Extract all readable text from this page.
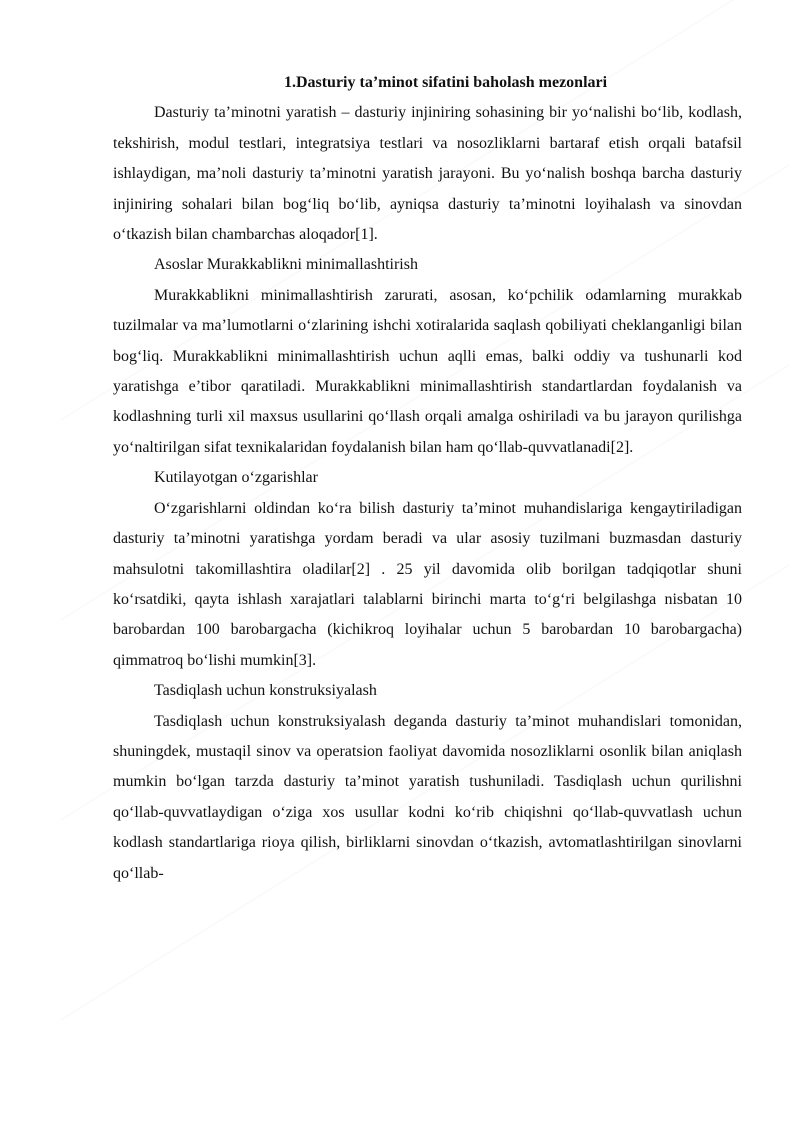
1.Dasturiy ta’minot sifatini baholash mezonlari

Dasturiy ta’minotni yaratish – dasturiy injiniring sohasining bir yo‘nalishi bo‘lib, kodlash, tekshirish, modul testlari, integratsiya testlari va nosozliklarni bartaraf etish orqali batafsil ishlaydigan, ma’noli dasturiy ta’minotni yaratish jarayoni. Bu yo‘nalish boshqa barcha dasturiy injiniring sohalari bilan bog‘liq bo‘lib, ayniqsa dasturiy ta’minotni loyihalash va sinovdan o‘tkazish bilan chambarchas aloqador[1].

Asoslar Murakkablikni minimallashtirish

Murakkablikni minimallashtirish zarurati, asosan, ko‘pchilik odamlarning murakkab tuzilmalar va ma’lumotlarni o‘zlarining ishchi xotiralarida saqlash qobiliyati cheklanganligi bilan bog‘liq. Murakkablikni minimallashtirish uchun aqlli emas, balki oddiy va tushunarli kod yaratishga e’tibor qaratiladi. Murakkablikni minimallashtirish standartlardan foydalanish va kodlashning turli xil maxsus usullarini qo‘llash orqali amalga oshiriladi va bu jarayon qurilishga yo‘naltirilgan sifat texnikalaridan foydalanish bilan ham qo‘llab-quvvatlanadi[2].

Kutilayotgan o‘zgarishlar

O‘zgarishlarni oldindan ko‘ra bilish dasturiy ta’minot muhandislariga kengaytiriladigan dasturiy ta’minotni yaratishga yordam beradi va ular asosiy tuzilmani buzmasdan dasturiy mahsulotni takomillashtira oladilar[2] . 25 yil davomida olib borilgan tadqiqotlar shuni ko‘rsatdiki, qayta ishlash xarajatlari talablarni birinchi marta to‘g‘ri belgilashga nisbatan 10 barobardan 100 barobargacha (kichikroq loyihalar uchun 5 barobardan 10 barobargacha) qimmatroq bo‘lishi mumkin[3].

Tasdiqlash uchun konstruksiyalash

Tasdiqlash uchun konstruksiyalash deganda dasturiy ta’minot muhandislari tomonidan, shuningdek, mustaqil sinov va operatsion faoliyat davomida nosozliklarni osonlik bilan aniqlash mumkin bo‘lgan tarzda dasturiy ta’minot yaratish tushuniladi. Tasdiqlash uchun qurilishni qo‘llab-quvvatlaydigan o‘ziga xos usullar kodni ko‘rib chiqishni qo‘llab-quvvatlash uchun kodlash standartlariga rioya qilish, birliklarni sinovdan o‘tkazish, avtomatlashtirilgan sinovlarni qo‘llab-
